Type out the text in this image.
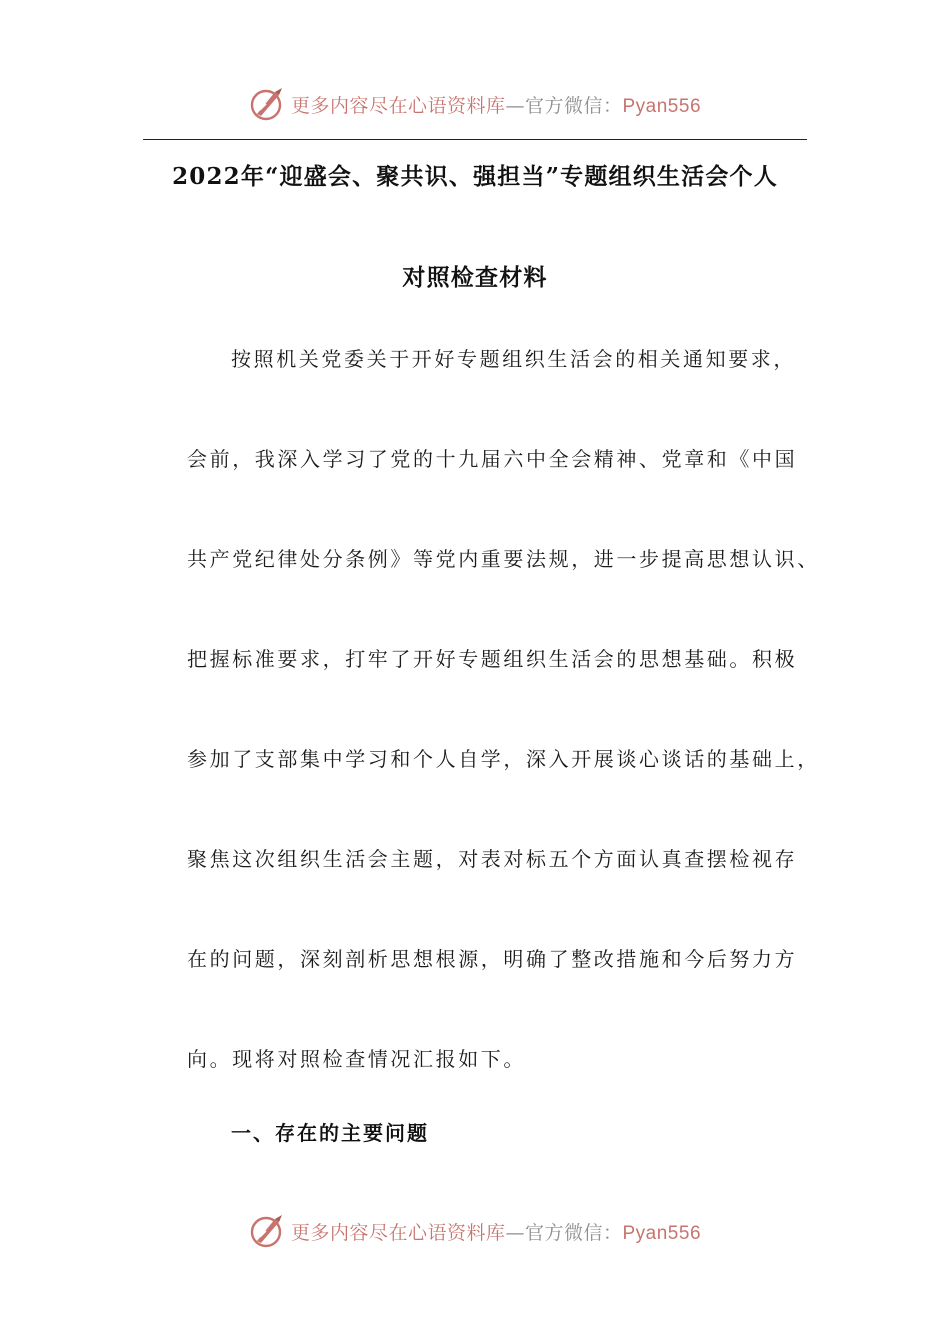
更多内容尽在心语资料库—官方微信：Pyan556
2022年“迎盛会、聚共识、强担当”专题组织生活会个人
对照检查材料
按照机关党委关于开好专题组织生活会的相关通知要求，
会前，我深入学习了党的十九届六中全会精神、党章和《中国
共产党纪律处分条例》等党内重要法规，进一步提高思想认识、
把握标准要求，打牢了开好专题组织生活会的思想基础。积极
参加了支部集中学习和个人自学，深入开展谈心谈话的基础上，
聚焦这次组织生活会主题，对表对标五个方面认真查摆检视存
在的问题，深刻剖析思想根源，明确了整改措施和今后努力方
向。现将对照检查情况汇报如下。
一、存在的主要问题
更多内容尽在心语资料库—官方微信：Pyan556
